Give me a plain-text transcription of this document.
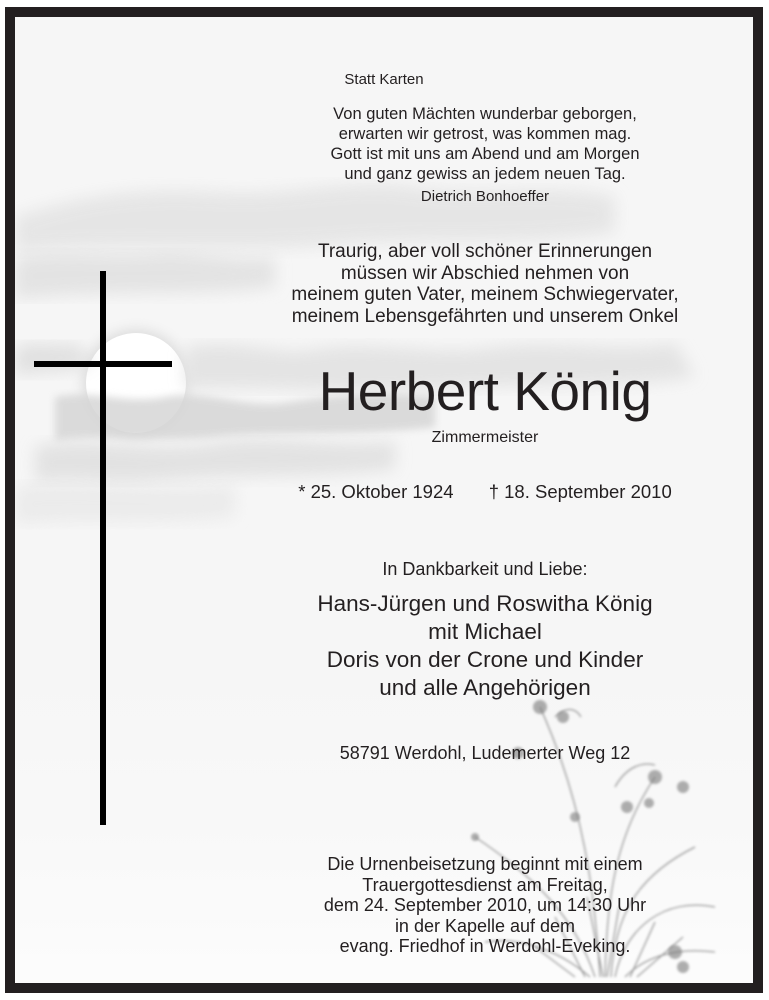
Statt Karten
Von guten Mächten wunderbar geborgen,
erwarten wir getrost, was kommen mag.
Gott ist mit uns am Abend und am Morgen
und ganz gewiss an jedem neuen Tag.
Dietrich Bonhoeffer
Traurig, aber voll schöner Erinnerungen
müssen wir Abschied nehmen von
meinem guten Vater, meinem Schwiegervater,
meinem Lebensgefährten und unserem Onkel
Herbert König
Zimmermeister
* 25. Oktober 1924 † 18. September 2010
In Dankbarkeit und Liebe:
Hans-Jürgen und Roswitha König
mit Michael
Doris von der Crone und Kinder
und alle Angehörigen
58791 Werdohl, Ludemerter Weg 12
Die Urnenbeisetzung beginnt mit einem
Trauergottesdienst am Freitag,
dem 24. September 2010, um 14:30 Uhr
in der Kapelle auf dem
evang. Friedhof in Werdohl-Eveking.
